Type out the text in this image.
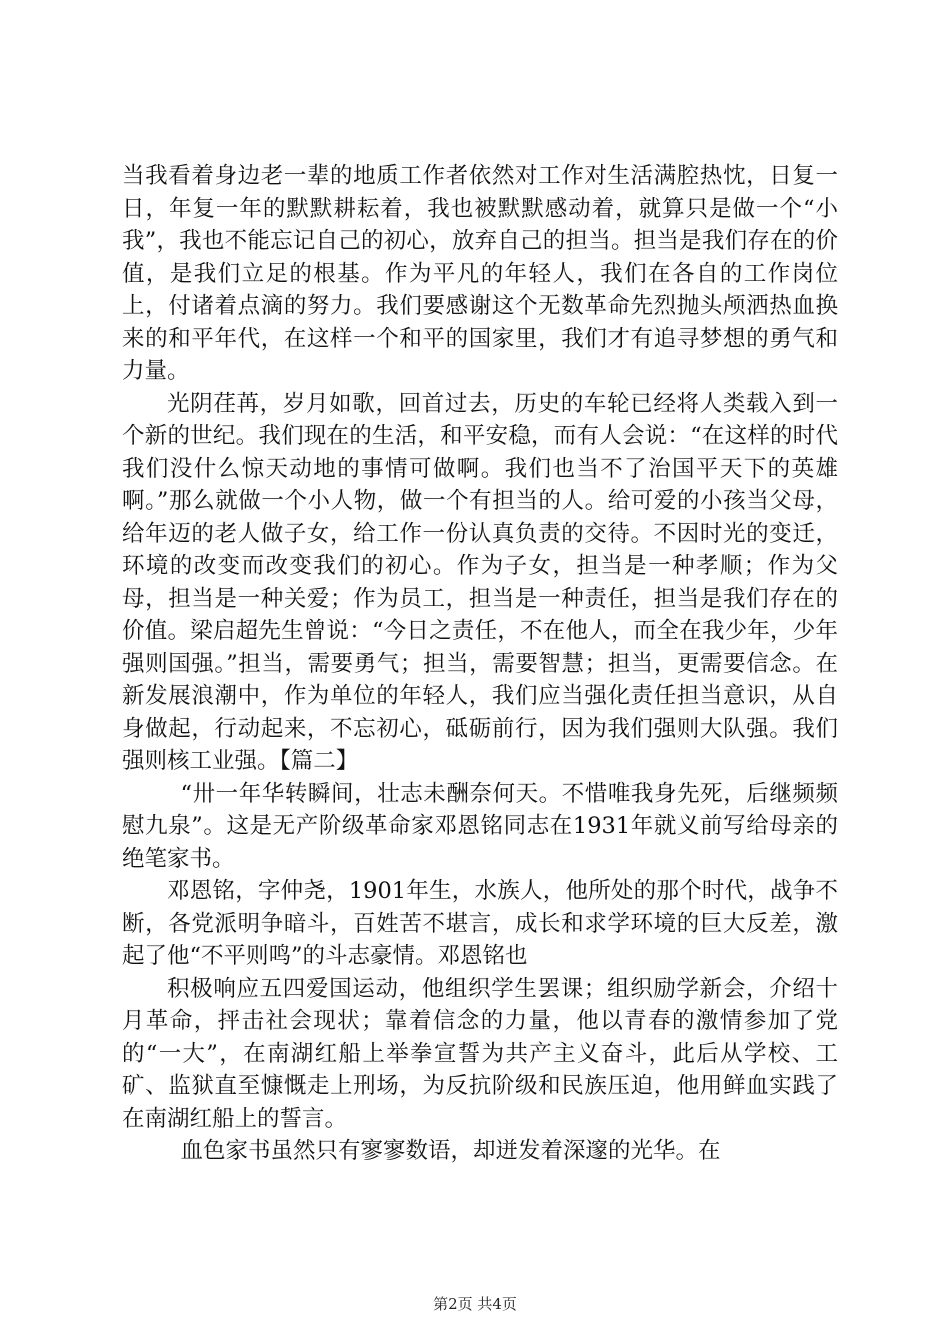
当我看着身边老一辈的地质工作者依然对工作对生活满腔热忱，日复一日，年复一年的默默耕耘着，我也被默默感动着，就算只是做一个“小我”，我也不能忘记自己的初心，放弃自己的担当。担当是我们存在的价值，是我们立足的根基。作为平凡的年轻人，我们在各自的工作岗位上，付诸着点滴的努力。我们要感谢这个无数革命先烈抛头颅洒热血换来的和平年代，在这样一个和平的国家里，我们才有追寻梦想的勇气和力量。

光阴荏苒，岁月如歌，回首过去，历史的车轮已经将人类载入到一个新的世纪。我们现在的生活，和平安稳，而有人会说：“在这样的时代我们没什么惊天动地的事情可做啊。我们也当不了治国平天下的英雄啊。”那么就做一个小人物，做一个有担当的人。给可爱的小孩当父母，给年迈的老人做子女，给工作一份认真负责的交待。不因时光的变迁，环境的改变而改变我们的初心。作为子女，担当是一种孝顺；作为父母，担当是一种关爱；作为员工，担当是一种责任，担当是我们存在的价值。梁启超先生曾说：“今日之责任，不在他人，而全在我少年，少年强则国强。”担当，需要勇气；担当，需要智慧；担当，更需要信念。在新发展浪潮中，作为单位的年轻人，我们应当强化责任担当意识，从自身做起，行动起来，不忘初心，砥砺前行，因为我们强则大队强。我们强则核工业强。【篇二】

“卅一年华转瞬间，壮志未酬奈何天。不惜唯我身先死，后继频频慰九泉”。这是无产阶级革命家邓恩铭同志在1931年就义前写给母亲的绝笔家书。

邓恩铭，字仲尧，1901年生，水族人，他所处的那个时代，战争不断，各党派明争暗斗，百姓苦不堪言，成长和求学环境的巨大反差，激起了他“不平则鸣”的斗志豪情。邓恩铭也

积极响应五四爱国运动，他组织学生罢课；组织励学新会，介绍十月革命，抨击社会现状；靠着信念的力量，他以青春的激情参加了党的“一大”，在南湖红船上举拳宣誓为共产主义奋斗，此后从学校、工矿、监狱直至慷慨走上刑场，为反抗阶级和民族压迫，他用鲜血实践了在南湖红船上的誓言。

血色家书虽然只有寥寥数语，却迸发着深邃的光华。在

第2页 共4页
